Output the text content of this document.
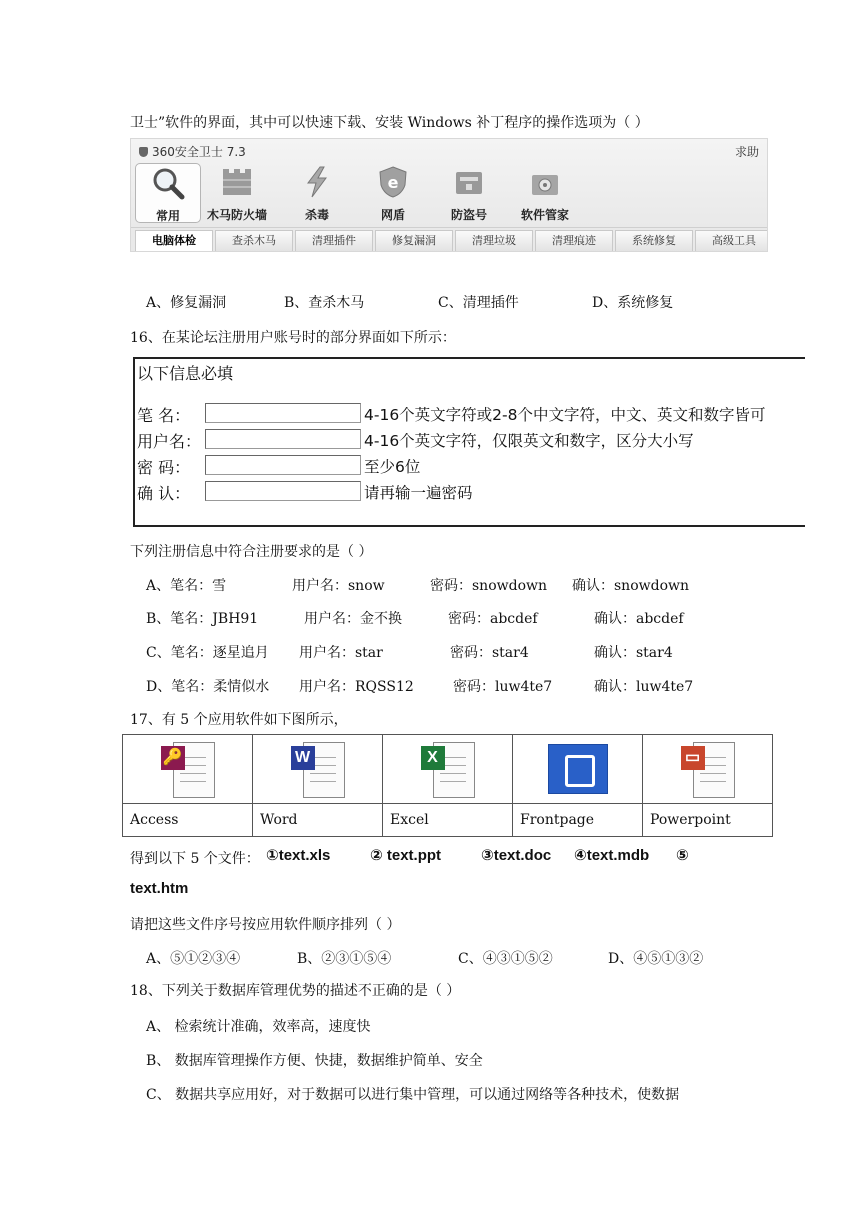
卫士”软件的界面，其中可以快速下载、安装 Windows 补丁程序的操作选项为（ ）
360安全卫士 7.3	求助
常用	木马防火墙	杀毒
e
网盾	防盗号	软件管家
电脑体检	查杀木马	清理插件	修复漏洞	清理垃圾	清理痕迹	系统修复	高级工具
A、修复漏洞	B、查杀木马	C、清理插件	D、系统修复
16、在某论坛注册用户账号时的部分界面如下所示：
以下信息必填
笔 名：	4-16个英文字符或2-8个中文字符，中文、英文和数字皆可
用户名：	4-16个英文字符，仅限英文和数字，区分大小写
密 码：	至少6位
确 认：	请再输一遍密码
下列注册信息中符合注册要求的是（ ）
A、笔名：雪	用户名：snow	密码：snowdown 确认：snowdown
B、笔名：JBH91	用户名：金不换	密码：abcdef	确认：abcdef
C、笔名：逐星追月 用户名：star	密码：star4	确认：star4
D、笔名：柔情似水 用户名：RQSS12	密码：luw4te7	确认：luw4te7
17、有 5 个应用软件如下图所示，
🔑	W	X		▭

Access	Word	Excel	Frontpage	Powerpoint
得到以下 5 个文件： ①text.xls	② text.ppt	③text.doc ④text.mdb ⑤
text.htm
请把这些文件序号按应用软件顺序排列（ ）
A、⑤①②③④	B、②③①⑤④	C、④③①⑤②	D、④⑤①③②
18、下列关于数据库管理优势的描述不正确的是（ ）
A、 检索统计准确，效率高，速度快
B、 数据库管理操作方便、快捷，数据维护简单、安全
C、 数据共享应用好，对于数据可以进行集中管理，可以通过网络等各种技术，使数据
